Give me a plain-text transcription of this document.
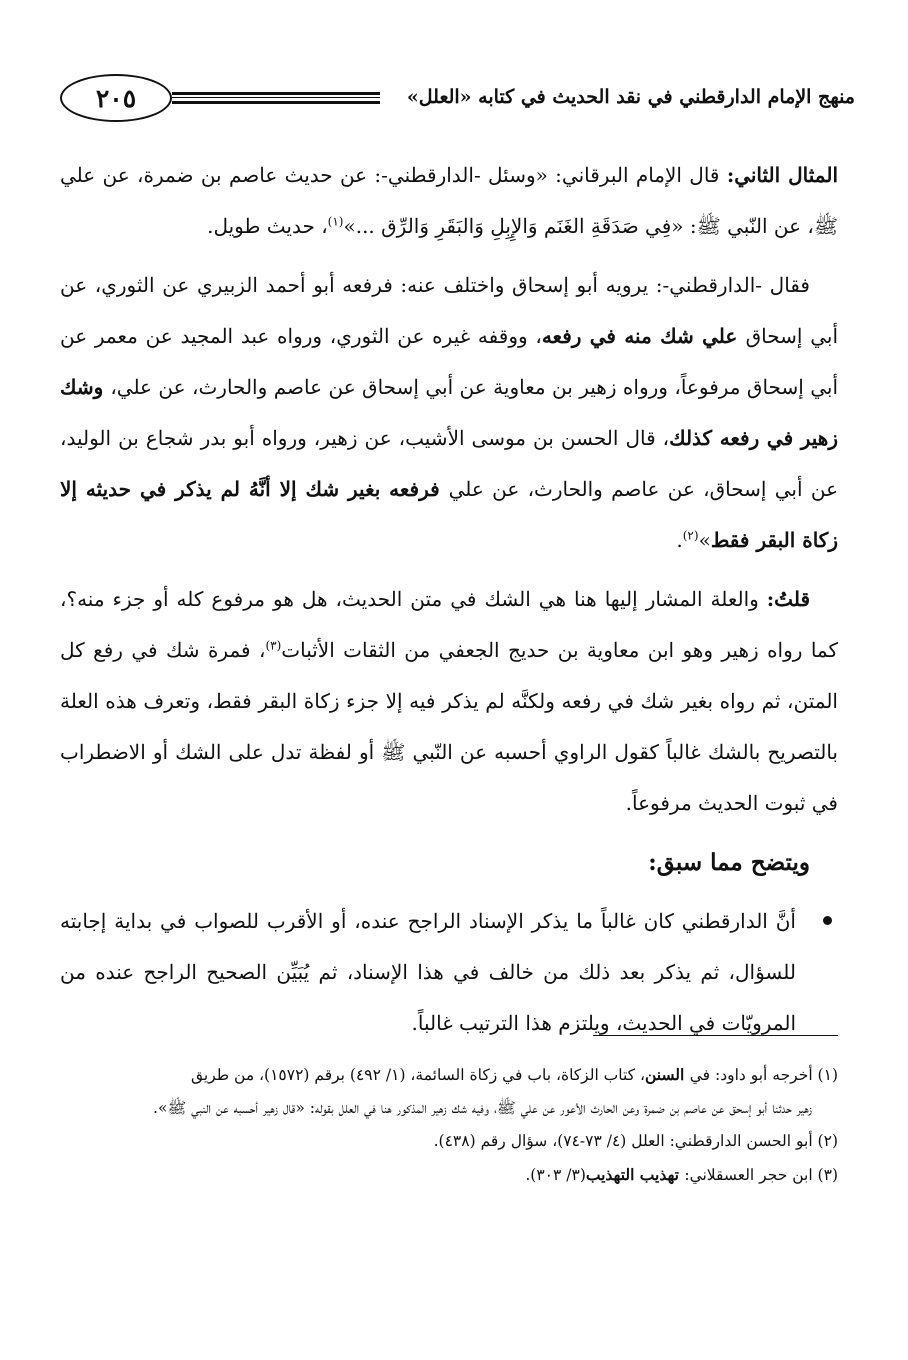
٢٠٥	منهج الإمام الدارقطني في نقد الحديث في كتابه «العلل»

المثال الثاني: قال الإمام البرقاني: «وسئل -الدارقطني-: عن حديث عاصم بن ضمرة، عن علي ﷺ، عن النّبي ﷺ: «فِي صَدَقَةِ الغَنَم وَالإِبِلِ وَالبَقَرِ وَالرِّق ...»$^{(١)}$، حديث طويل.

فقال -الدارقطني-: يرويه أبو إسحاق واختلف عنه: فرفعه أبو أحمد الزبيري عن الثوري، عن أبي إسحاق علي شك منه في رفعه، ووقفه غيره عن الثوري، ورواه عبد المجيد عن معمر عن أبي إسحاق مرفوعاً، ورواه زهير بن معاوية عن أبي إسحاق عن عاصم والحارث، عن علي، وشك زهير في رفعه كذلك، قال الحسن بن موسى الأشيب، عن زهير، ورواه أبو بدر شجاع بن الوليد، عن أبي إسحاق، عن عاصم والحارث، عن علي فرفعه بغير شك إلا أنَّهُ لم يذكر في حديثه إلا زكاة البقر فقط»$^{(٢)}$.

قلتُ: والعلة المشار إليها هنا هي الشك في متن الحديث، هل هو مرفوع كله أو جزء منه؟، كما رواه زهير وهو ابن معاوية بن حديج الجعفي من الثقات الأثبات$^{(٣)}$، فمرة شك في رفع كل المتن، ثم رواه بغير شك في رفعه ولكنَّه لم يذكر فيه إلا جزء زكاة البقر فقط، وتعرف هذه العلة بالتصريح بالشك غالباً كقول الراوي أحسبه عن النّبي ﷺ أو لفظة تدل على الشك أو الاضطراب في ثبوت الحديث مرفوعاً.

ويتضح مما سبق:

أنَّ الدارقطني كان غالباً ما يذكر الإسناد الراجح عنده، أو الأقرب للصواب في بداية إجابته للسؤال، ثم يذكر بعد ذلك من خالف في هذا الإسناد، ثم يُبَيِّن الصحيح الراجح عنده من المرويّات في الحديث، ويلتزم هذا الترتيب غالباً.

(١) أخرجه أبو داود: في السنن، كتاب الزكاة، باب في زكاة السائمة، (١/ ٤٩٢) برقم (١٥٧٢)، من طريق

زهير حدثنا أبو إسحق عن عاصم بن ضمرة وعن الحارث الأعور عن علي ﷺ، وفيه شك زهير المذكور هنا في العلل بقوله: «قال زهير أحسبه عن النبي ﷺ».

(٢) أبو الحسن الدارقطني: العلل (٤/ ٧٣-٧٤)، سؤال رقم (٤٣٨).

(٣) ابن حجر العسقلاني: تهذيب التهذيب(٣/ ٣٠٣).
